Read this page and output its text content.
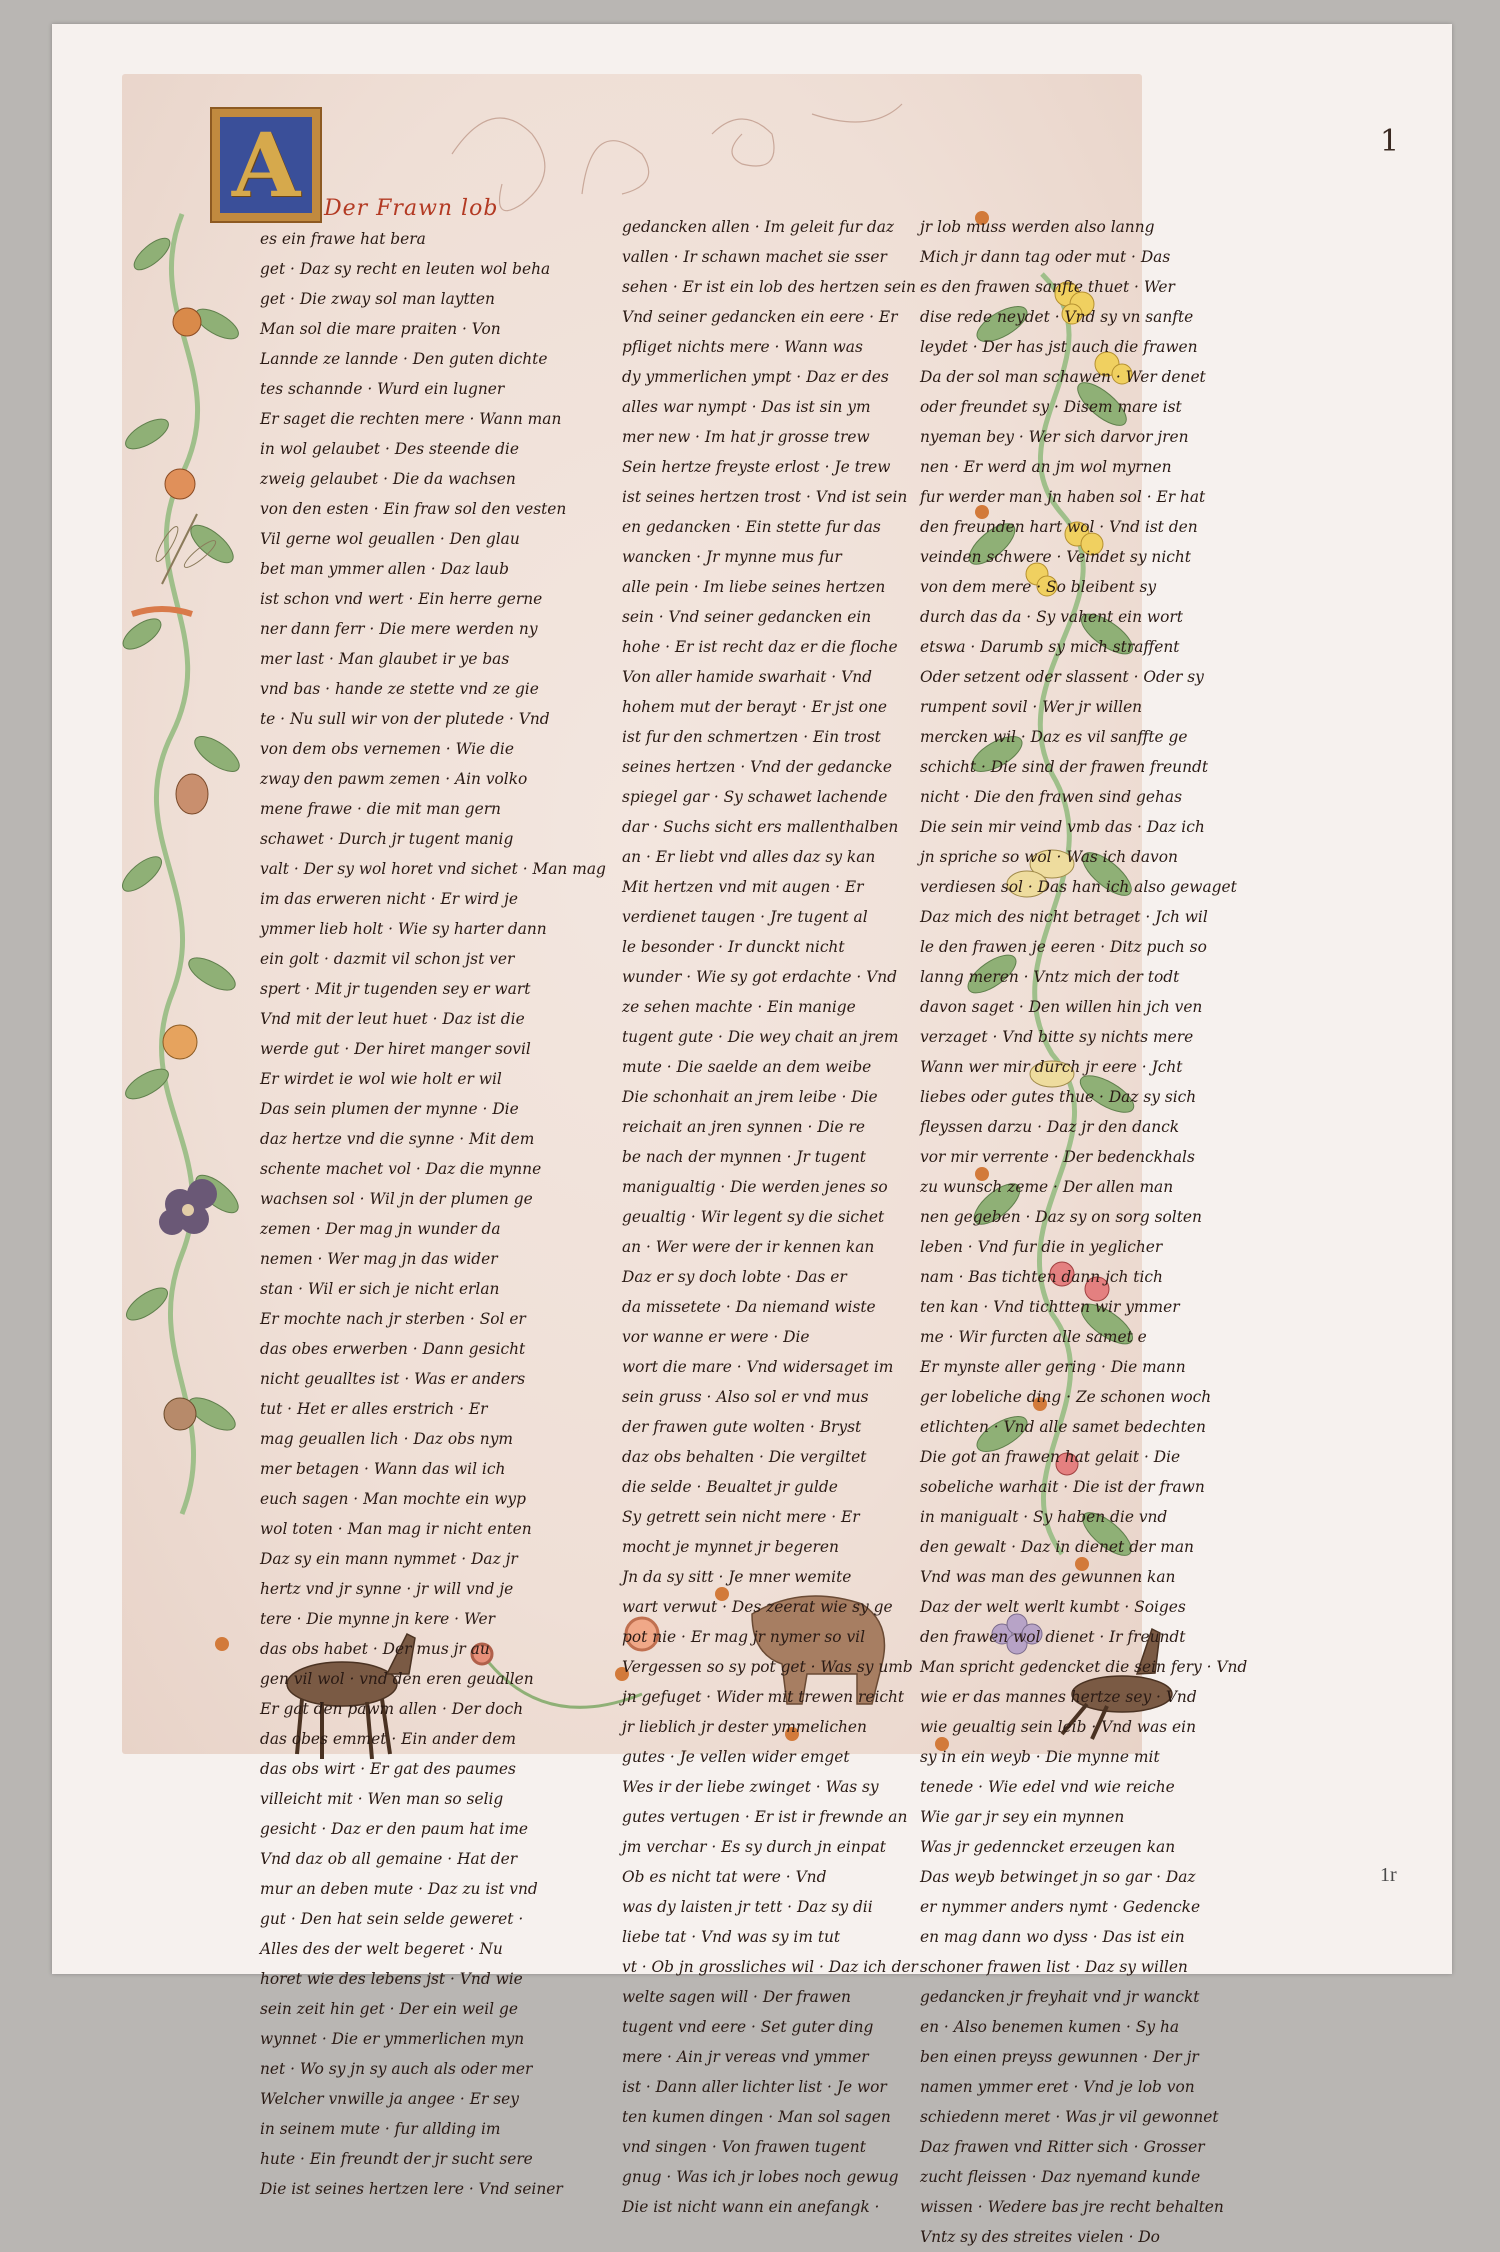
A Der Frawn lob
es ein frawe hat bera
get · Daz sy recht en leuten wol beha
get · Die zway sol man laytten
Man sol die mare praiten · Von
Lannde ze lannde · Den guten dichte
tes schannde · Wurd ein lugner
Er saget die rechten mere · Wann man
in wol gelaubet · Des steende die
zweig gelaubet · Die da wachsen
von den esten · Ein fraw sol den vesten
Vil gerne wol geuallen · Den glau
bet man ymmer allen · Daz laub
ist schon vnd wert · Ein herre gerne
ner dann ferr · Die mere werden ny
mer last · Man glaubet ir ye bas
vnd bas · hande ze stette vnd ze gie
te · Nu sull wir von der plutede · Vnd
von dem obs vernemen · Wie die
zway den pawm zemen · Ain volko
mene frawe · die mit man gern
schawet · Durch jr tugent manig
valt · Der sy wol horet vnd sichet · Man mag
im das erweren nicht · Er wird je
ymmer lieb holt · Wie sy harter dann
ein golt · dazmit vil schon jst ver
spert · Mit jr tugenden sey er wart
Vnd mit der leut huet · Daz ist die
werde gut · Der hiret manger sovil
Er wirdet ie wol wie holt er wil
Das sein plumen der mynne · Die
daz hertze vnd die synne · Mit dem
schente machet vol · Daz die mynne
wachsen sol · Wil jn der plumen ge
zemen · Der mag jn wunder da
nemen · Wer mag jn das wider
stan · Wil er sich je nicht erlan
Er mochte nach jr sterben · Sol er
das obes erwerben · Dann gesicht
nicht geualltes ist · Was er anders
tut · Het er alles erstrich · Er
mag geuallen lich · Daz obs nym
mer betagen · Wann das wil ich
euch sagen · Man mochte ein wyp
wol toten · Man mag ir nicht enten
Daz sy ein mann nymmet · Daz jr
hertz vnd jr synne · jr will vnd je
tere · Die mynne jn kere · Wer
das obs habet · Der mus jr au
gen vil wol · vnd den eren geuallen
Er gat den pawm allen · Der doch
das obes emmet · Ein ander dem
das obs wirt · Er gat des paumes
villeicht mit · Wen man so selig
gesicht · Daz er den paum hat ime
Vnd daz ob all gemaine · Hat der
mur an deben mute · Daz zu ist vnd
gut · Den hat sein selde geweret ·
Alles des der welt begeret · Nu
horet wie des lebens jst · Vnd wie
sein zeit hin get · Der ein weil ge
wynnet · Die er ymmerlichen myn
net · Wo sy jn sy auch als oder mer
Welcher vnwille ja angee · Er sey
in seinem mute · fur allding im
hute · Ein freundt der jr sucht sere
Die ist seines hertzen lere · Vnd seiner
gedancken allen · Im geleit fur daz
vallen · Ir schawn machet sie sser
sehen · Er ist ein lob des hertzen sein
Vnd seiner gedancken ein eere · Er
pfliget nichts mere · Wann was
dy ymmerlichen ympt · Daz er des
alles war nympt · Das ist sin ym
mer new · Im hat jr grosse trew
Sein hertze freyste erlost · Je trew
ist seines hertzen trost · Vnd ist sein
en gedancken · Ein stette fur das
wancken · Jr mynne mus fur
alle pein · Im liebe seines hertzen
sein · Vnd seiner gedancken ein
hohe · Er ist recht daz er die floche
Von aller hamide swarhait · Vnd
hohem mut der berayt · Er jst one
ist fur den schmertzen · Ein trost
seines hertzen · Vnd der gedancke
spiegel gar · Sy schawet lachende
dar · Suchs sicht ers mallenthalben
an · Er liebt vnd alles daz sy kan
Mit hertzen vnd mit augen · Er
verdienet taugen · Jre tugent al
le besonder · Ir dunckt nicht
wunder · Wie sy got erdachte · Vnd
ze sehen machte · Ein manige
tugent gute · Die wey chait an jrem
mute · Die saelde an dem weibe
Die schonhait an jrem leibe · Die
reichait an jren synnen · Die re
be nach der mynnen · Jr tugent
manigualtig · Die werden jenes so
geualtig · Wir legent sy die sichet
an · Wer were der ir kennen kan
Daz er sy doch lobte · Das er
da missetete · Da niemand wiste
vor wanne er were · Die
wort die mare · Vnd widersaget im
sein gruss · Also sol er vnd mus
der frawen gute wolten · Bryst
daz obs behalten · Die vergiltet
die selde · Beualtet jr gulde
Sy getrett sein nicht mere · Er
mocht je mynnet jr begeren
Jn da sy sitt · Je mner wemite
wart verwut · Des zeerat wie sy ge
pot nie · Er mag jr nymer so vil
Vergessen so sy pot get · Was sy umb
jn gefuget · Wider mit trewen reicht
jr lieblich jr dester ymmelichen
gutes · Je vellen wider emget
Wes ir der liebe zwinget · Was sy
gutes vertugen · Er ist ir frewnde an
jm verchar · Es sy durch jn einpat
Ob es nicht tat were · Vnd
was dy laisten jr tett · Daz sy dii
liebe tat · Vnd was sy im tut
vt · Ob jn grossliches wil · Daz ich der
welte sagen will · Der frawen
tugent vnd eere · Set guter ding
mere · Ain jr vereas vnd ymmer
ist · Dann aller lichter list · Je wor
ten kumen dingen · Man sol sagen
vnd singen · Von frawen tugent
gnug · Was ich jr lobes noch gewug
Die ist nicht wann ein anefangk ·
jr lob muss werden also lanng
Mich jr dann tag oder mut · Das
es den frawen sanfte thuet · Wer
dise rede neydet · Vnd sy vn sanfte
leydet · Der has jst auch die frawen
Da der sol man schawen · Wer denet
oder freundet sy · Disem mare ist
nyeman bey · Wer sich darvor jren
nen · Er werd an jm wol myrnen
fur werder man jn haben sol · Er hat
den freunden hart wol · Vnd ist den
veinden schwere · Veindet sy nicht
von dem mere · So bleibent sy
durch das da · Sy vahent ein wort
etswa · Darumb sy mich straffent
Oder setzent oder slassent · Oder sy
rumpent sovil · Wer jr willen
mercken wil · Daz es vil sanffte ge
schicht · Die sind der frawen freundt
nicht · Die den frawen sind gehas
Die sein mir veind vmb das · Daz ich
jn spriche so wol · Was ich davon
verdiesen sol · Das han ich also gewaget
Daz mich des nicht betraget · Jch wil
le den frawen je eeren · Ditz puch so
lanng meren · Vntz mich der todt
davon saget · Den willen hin jch ven
verzaget · Vnd bitte sy nichts mere
Wann wer mir durch jr eere · Jcht
liebes oder gutes thue · Daz sy sich
fleyssen darzu · Daz jr den danck
vor mir verrente · Der bedenckhals
zu wunsch zeme · Der allen man
nen gegeben · Daz sy on sorg solten
leben · Vnd fur die in yeglicher
nam · Bas tichten dann jch tich
ten kan · Vnd tichtten wir ymmer
me · Wir furcten alle samet e
Er mynste aller gering · Die mann
ger lobeliche ding · Ze schonen woch
etlichten · Vnd alle samet bedechten
Die got an frawen hat gelait · Die
sobeliche warhait · Die ist der frawn
in manigualt · Sy haben die vnd
den gewalt · Daz in dienet der man
Vnd was man des gewunnen kan
Daz der welt werlt kumbt · Soiges
den frawen wol dienet · Ir freundt
Man spricht gedencket die sein fery · Vnd
wie er das mannes hertze sey · Vnd
wie geualtig sein leib · Vnd was ein
sy in ein weyb · Die mynne mit
tenede · Wie edel vnd wie reiche
Wie gar jr sey ein mynnen
Was jr gedenncket erzeugen kan
Das weyb betwinget jn so gar · Daz
er nymmer anders nymt · Gedencke
en mag dann wo dyss · Das ist ein
schoner frawen list · Daz sy willen
gedancken jr freyhait vnd jr wanckt
en · Also benemen kumen · Sy ha
ben einen preyss gewunnen · Der jr
namen ymmer eret · Vnd je lob von
schiedenn meret · Was jr vil gewonnet
Daz frawen vnd Ritter sich · Grosser
zucht fleissen · Daz nyemand kunde
wissen · Wedere bas jre recht behalten
Vntz sy des streites vielen · Do
1
1r
